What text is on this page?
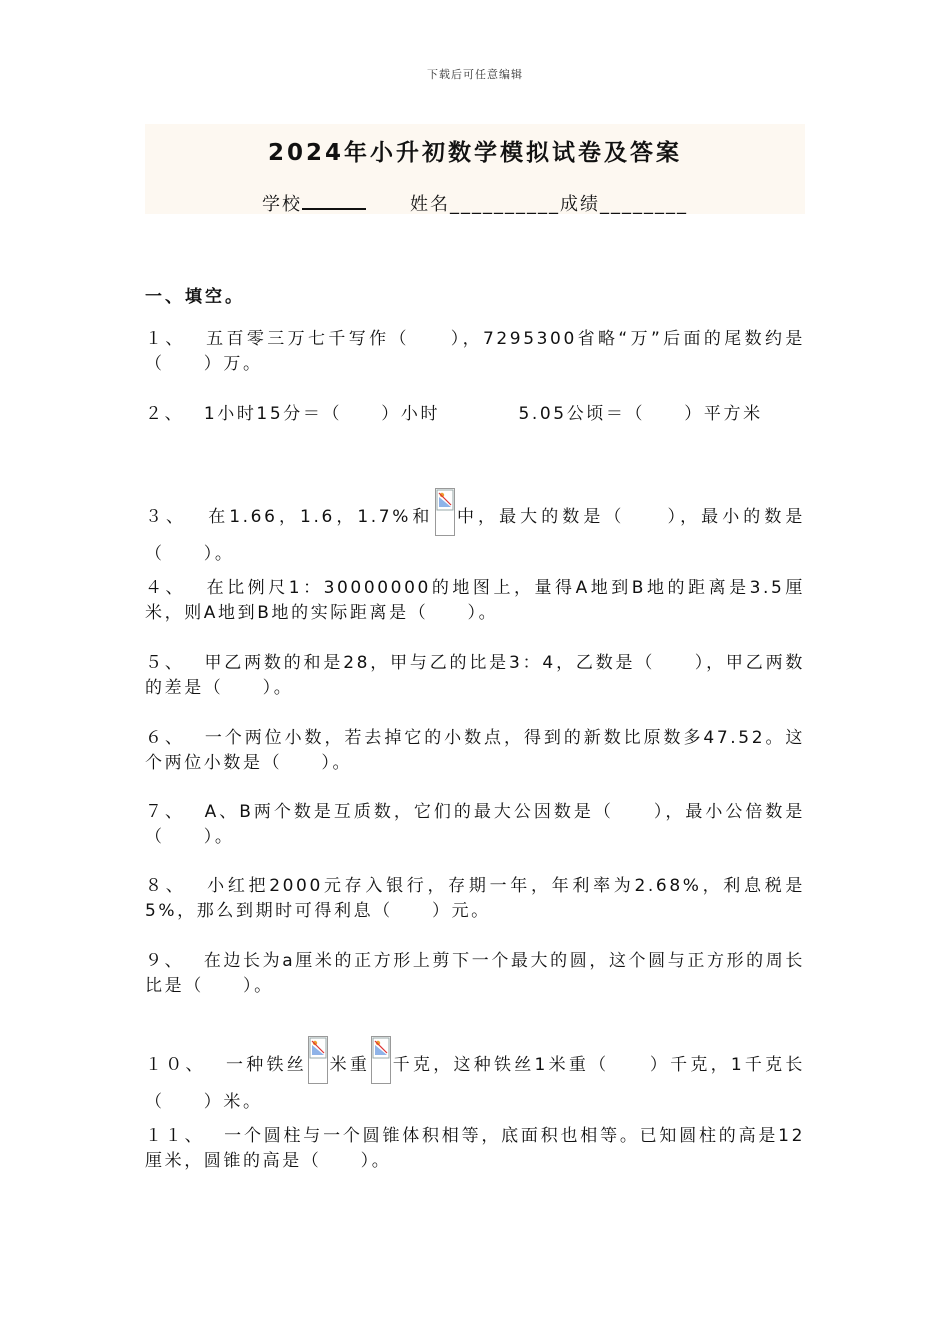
下载后可任意编辑
2024年小升初数学模拟试卷及答案
学校	姓名__________成绩________
一、填空。
１、  五百零三万七千写作（　　），7295300省略“万”后面的尾数约是（　　）万。
２、  1小时15分＝（　　）小时　　　　5.05公顷＝（　　）平方米
３、  在1.66，1.6，1.7%和 中，最大的数是（　　），最小的数是（　　）。
４、  在比例尺1：30000000的地图上，量得A地到B地的距离是3.5厘米，则A地到B地的实际距离是（　　）。
５、  甲乙两数的和是28，甲与乙的比是3：4，乙数是（　　），甲乙两数的差是（　　）。
６、  一个两位小数，若去掉它的小数点，得到的新数比原数多47.52。这个两位小数是（　　）。
７、  A、B两个数是互质数，它们的最大公因数是（　　），最小公倍数是（　　）。
８、  小红把2000元存入银行，存期一年，年利率为2.68%，利息税是5%，那么到期时可得利息（　　）元。
９、  在边长为a厘米的正方形上剪下一个最大的圆，这个圆与正方形的周长比是（　　）。
１０、  一种铁丝 米重 千克，这种铁丝1米重（　　）千克，1千克长（　　）米。
１１、  一个圆柱与一个圆锥体积相等，底面积也相等。已知圆柱的高是12厘米，圆锥的高是（　　）。
